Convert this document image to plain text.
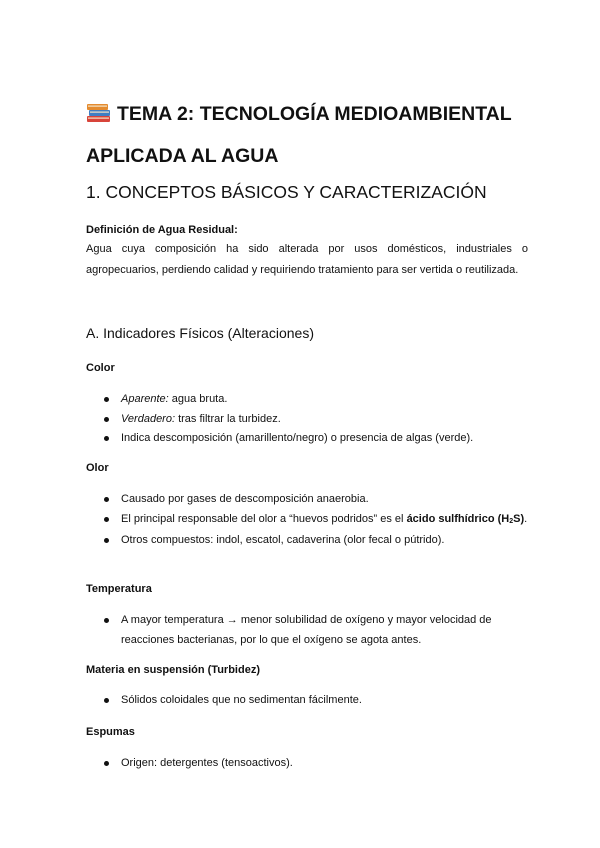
TEMA 2: TECNOLOGÍA MEDIOAMBIENTAL APLICADA AL AGUA
1. CONCEPTOS BÁSICOS Y CARACTERIZACIÓN
Definición de Agua Residual:

Agua cuya composición ha sido alterada por usos domésticos, industriales o agropecuarios, perdiendo calidad y requiriendo tratamiento para ser vertida o reutilizada.

A. Indicadores Físicos (Alteraciones)
Color
Aparente: agua bruta.
Verdadero: tras filtrar la turbidez.
Indica descomposición (amarillento/negro) o presencia de algas (verde).
Olor
Causado por gases de descomposición anaerobia.
El principal responsable del olor a “huevos podridos” es el ácido sulfhídrico $(H_2S)$.
Otros compuestos: indol, escatol, cadaverina (olor fecal o pútrido).
Temperatura
A mayor temperatura → menor solubilidad de oxígeno y mayor velocidad de reacciones bacterianas, por lo que el oxígeno se agota antes.
Materia en suspensión (Turbidez)
Sólidos coloidales que no sedimentan fácilmente.
Espumas
Origen: detergentes (tensoactivos).
